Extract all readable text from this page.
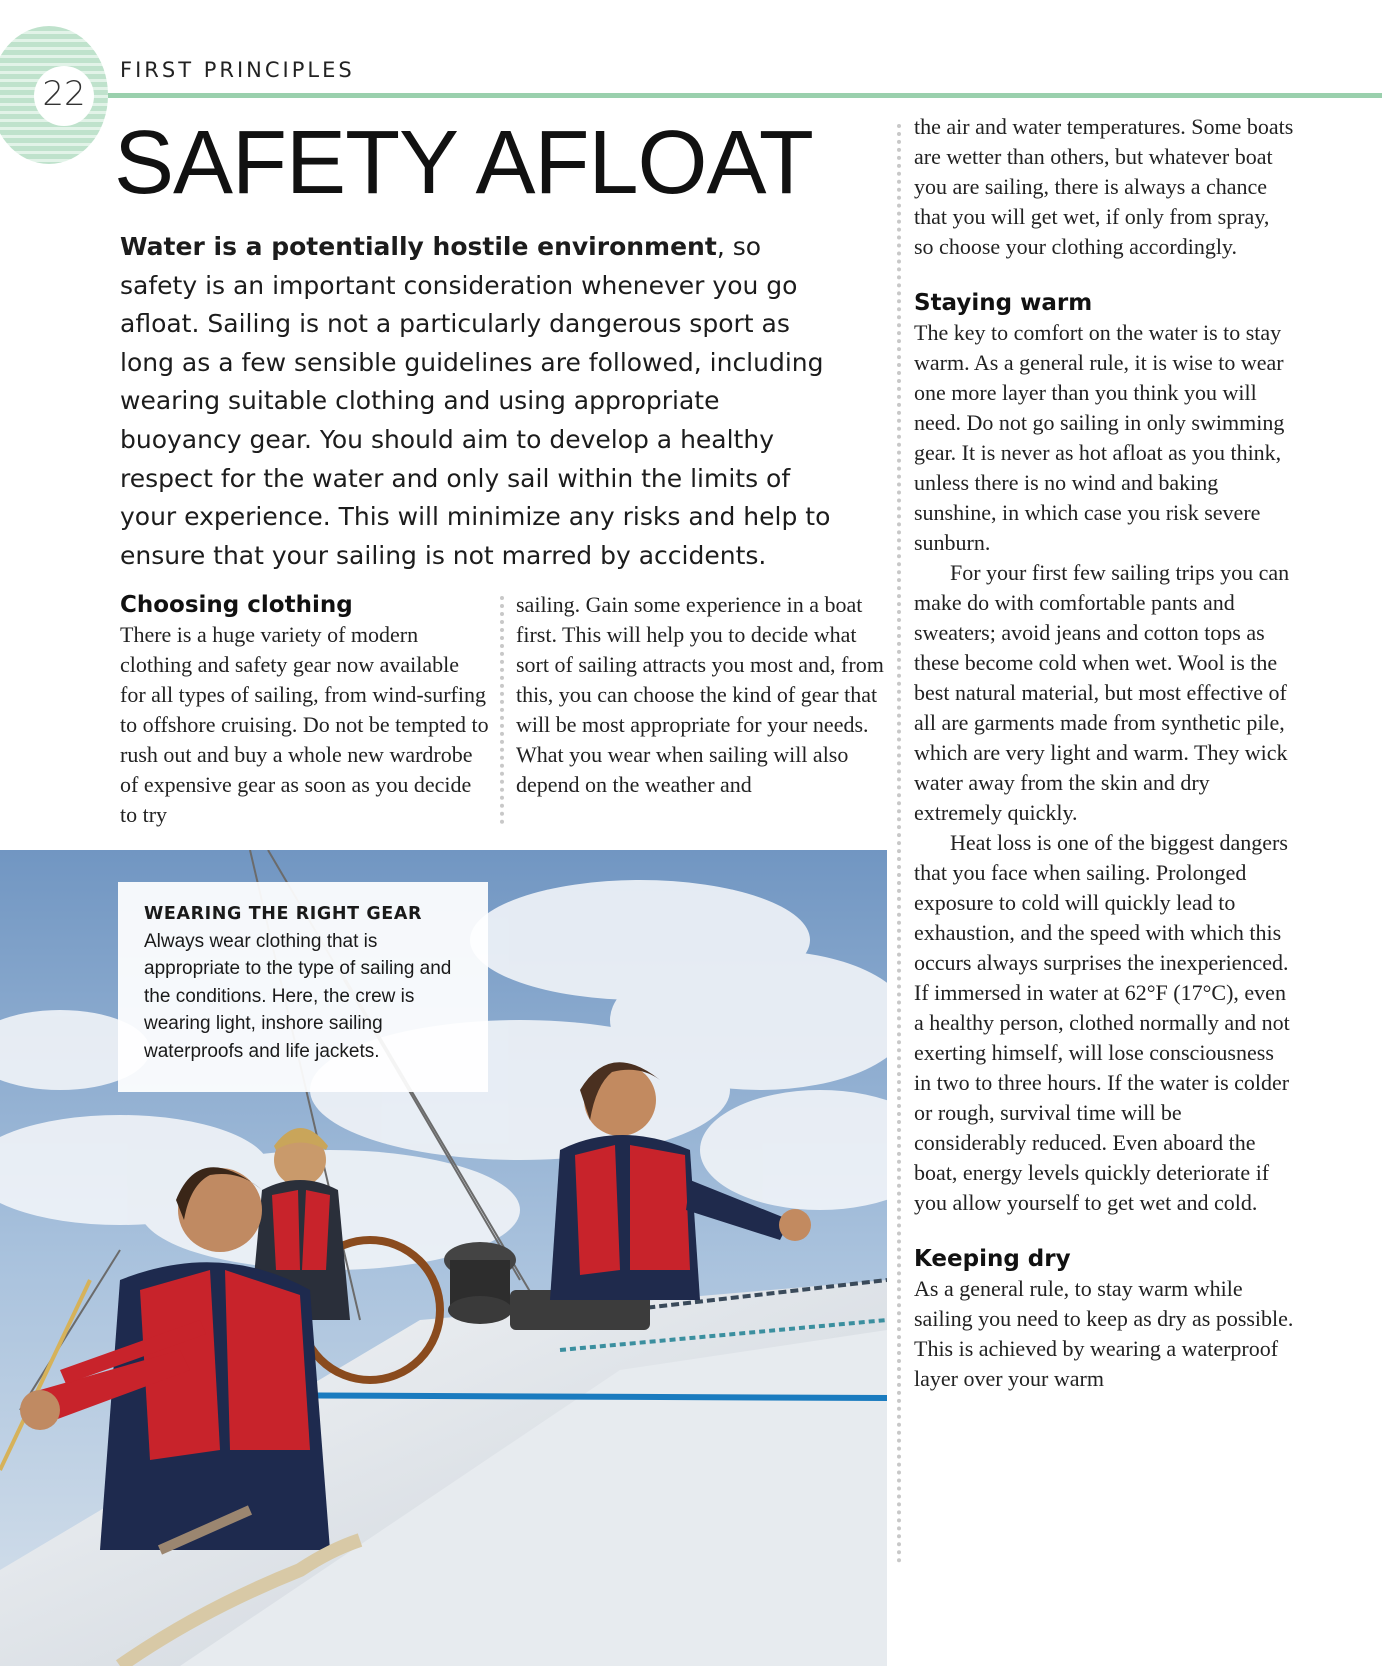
22
FIRST PRINCIPLES
SAFETY AFLOAT

Water is a potentially hostile environment, so safety is an important consideration whenever you go afloat. Sailing is not a particularly dangerous sport as long as a few sensible guidelines are followed, including wearing suitable clothing and using appropriate buoyancy gear. You should aim to develop a healthy respect for the water and only sail within the limits of your experience. This will minimize any risks and help to ensure that your sailing is not marred by accidents.

Choosing clothing

There is a huge variety of modern clothing and safety gear now available for all types of sailing, from wind-surfing to offshore cruising. Do not be tempted to rush out and buy a whole new wardrobe of expensive gear as soon as you decide to try

sailing. Gain some experience in a boat first. This will help you to decide what sort of sailing attracts you most and, from this, you can choose the kind of gear that will be most appropriate for your needs. What you wear when sailing will also depend on the weather and

the air and water temperatures. Some boats are wetter than others, but whatever boat you are sailing, there is always a chance that you will get wet, if only from spray, so choose your clothing accordingly.

Staying warm

The key to comfort on the water is to stay warm. As a general rule, it is wise to wear one more layer than you think you will need. Do not go sailing in only swimming gear. It is never as hot afloat as you think, unless there is no wind and baking sunshine, in which case you risk severe sunburn.

For your first few sailing trips you can make do with comfortable pants and sweaters; avoid jeans and cotton tops as these become cold when wet. Wool is the best natural material, but most effective of all are garments made from synthetic pile, which are very light and warm. They wick water away from the skin and dry extremely quickly.

Heat loss is one of the biggest dangers that you face when sailing. Prolonged exposure to cold will quickly lead to exhaustion, and the speed with which this occurs always surprises the inexperienced. If immersed in water at 62°F (17°C), even a healthy person, clothed normally and not exerting himself, will lose consciousness in two to three hours. If the water is colder or rough, survival time will be considerably reduced. Even aboard the boat, energy levels quickly deteriorate if you allow yourself to get wet and cold.

Keeping dry

As a general rule, to stay warm while sailing you need to keep as dry as possible. This is achieved by wearing a waterproof layer over your warm

WEARING THE RIGHT GEAR

Always wear clothing that is appropriate to the type of sailing and the conditions. Here, the crew is wearing light, inshore sailing waterproofs and life jackets.
